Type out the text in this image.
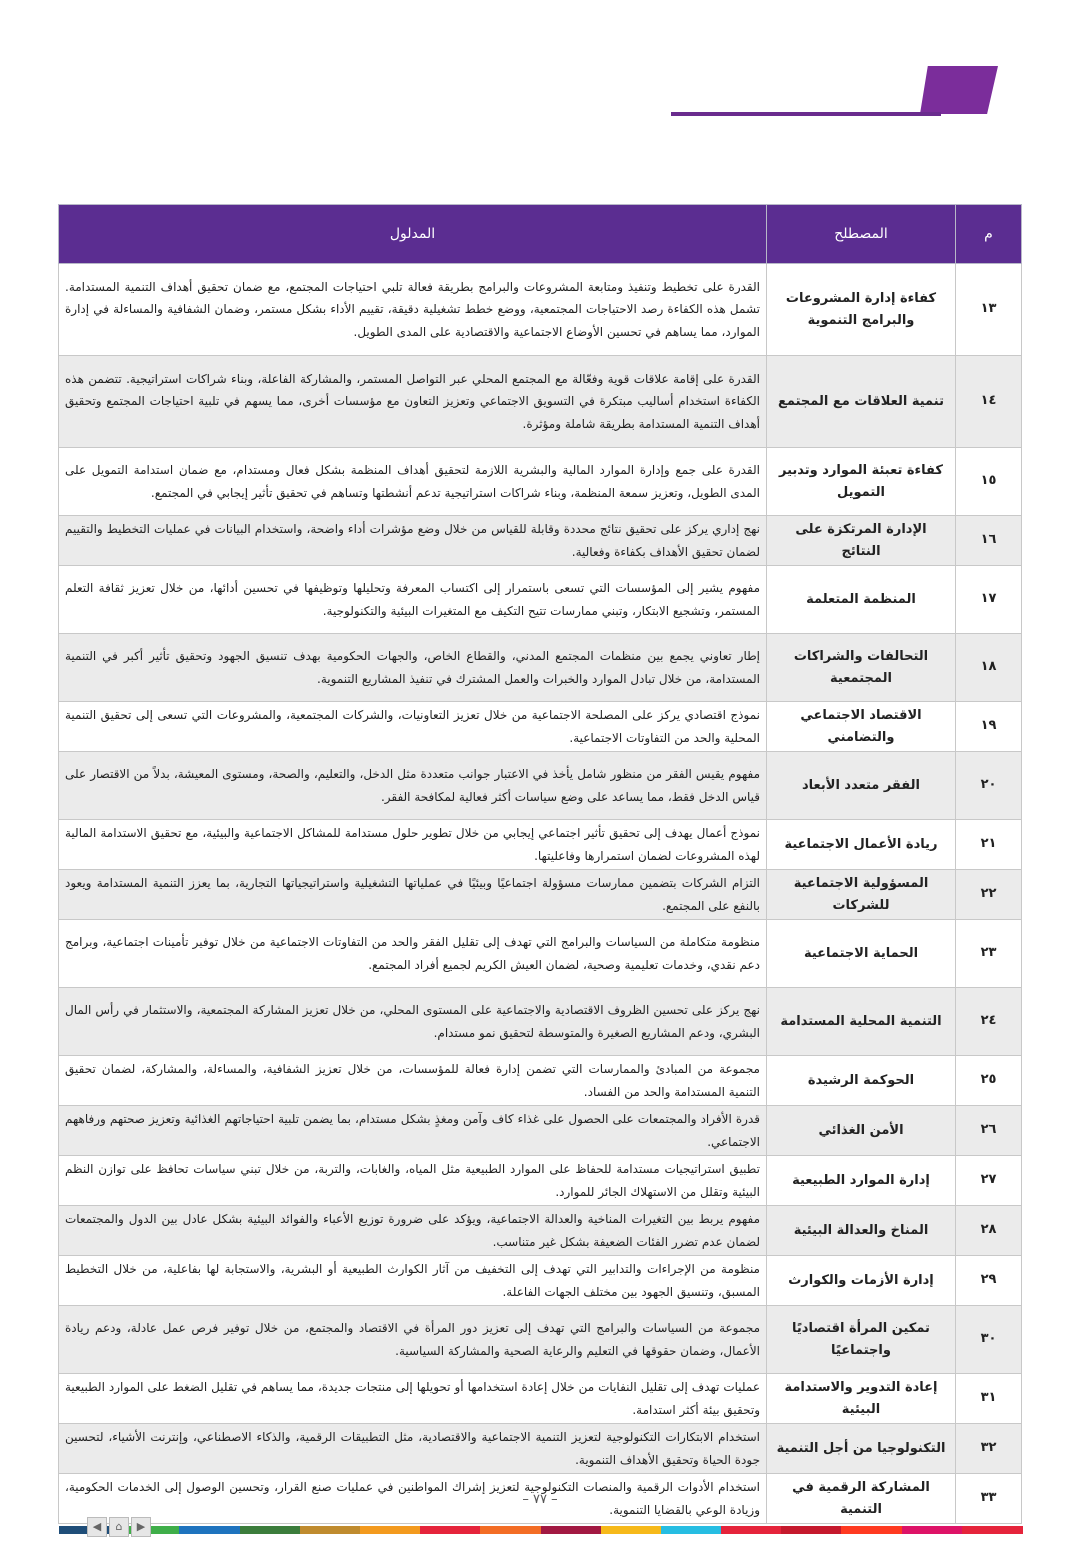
م	المصطلح	المدلول
١٣	كفاءة إدارة المشروعات والبرامج التنموية	القدرة على تخطيط وتنفيذ ومتابعة المشروعات والبرامج بطريقة فعالة تلبي احتياجات المجتمع، مع ضمان تحقيق أهداف التنمية المستدامة. تشمل هذه الكفاءة رصد الاحتياجات المجتمعية، ووضع خطط تشغيلية دقيقة، تقييم الأداء بشكل مستمر، وضمان الشفافية والمساءلة في إدارة الموارد، مما يساهم في تحسين الأوضاع الاجتماعية والاقتصادية على المدى الطويل.
١٤	تنمية العلاقات مع المجتمع	القدرة على إقامة علاقات قوية وفعّالة مع المجتمع المحلي عبر التواصل المستمر، والمشاركة الفاعلة، وبناء شراكات استراتيجية. تتضمن هذه الكفاءة استخدام أساليب مبتكرة في التسويق الاجتماعي وتعزيز التعاون مع مؤسسات أخرى، مما يسهم في تلبية احتياجات المجتمع وتحقيق أهداف التنمية المستدامة بطريقة شاملة ومؤثرة.
١٥	كفاءة تعبئة الموارد وتدبير التمويل	القدرة على جمع وإدارة الموارد المالية والبشرية اللازمة لتحقيق أهداف المنظمة بشكل فعال ومستدام، مع ضمان استدامة التمويل على المدى الطويل، وتعزيز سمعة المنظمة، وبناء شراكات استراتيجية تدعم أنشطتها وتساهم في تحقيق تأثير إيجابي في المجتمع.
١٦	الإدارة المرتكزة على النتائج	نهج إداري يركز على تحقيق نتائج محددة وقابلة للقياس من خلال وضع مؤشرات أداء واضحة، واستخدام البيانات في عمليات التخطيط والتقييم لضمان تحقيق الأهداف بكفاءة وفعالية.
١٧	المنظمة المتعلمة	مفهوم يشير إلى المؤسسات التي تسعى باستمرار إلى اكتساب المعرفة وتحليلها وتوظيفها في تحسين أدائها، من خلال تعزيز ثقافة التعلم المستمر، وتشجيع الابتكار، وتبني ممارسات تتيح التكيف مع المتغيرات البيئية والتكنولوجية.
١٨	التحالفات والشراكات المجتمعية	إطار تعاوني يجمع بين منظمات المجتمع المدني، والقطاع الخاص، والجهات الحكومية بهدف تنسيق الجهود وتحقيق تأثير أكبر في التنمية المستدامة، من خلال تبادل الموارد والخبرات والعمل المشترك في تنفيذ المشاريع التنموية.
١٩	الاقتصاد الاجتماعي والتضامني	نموذج اقتصادي يركز على المصلحة الاجتماعية من خلال تعزيز التعاونيات، والشركات المجتمعية، والمشروعات التي تسعى إلى تحقيق التنمية المحلية والحد من التفاوتات الاجتماعية.
٢٠	الفقر متعدد الأبعاد	مفهوم يقيس الفقر من منظور شامل يأخذ في الاعتبار جوانب متعددة مثل الدخل، والتعليم، والصحة، ومستوى المعيشة، بدلاً من الاقتصار على قياس الدخل فقط، مما يساعد على وضع سياسات أكثر فعالية لمكافحة الفقر.
٢١	ريادة الأعمال الاجتماعية	نموذج أعمال يهدف إلى تحقيق تأثير اجتماعي إيجابي من خلال تطوير حلول مستدامة للمشاكل الاجتماعية والبيئية، مع تحقيق الاستدامة المالية لهذه المشروعات لضمان استمرارها وفاعليتها.
٢٢	المسؤولية الاجتماعية للشركات	التزام الشركات بتضمين ممارسات مسؤولة اجتماعيًا وبيئيًا في عملياتها التشغيلية واستراتيجياتها التجارية، بما يعزز التنمية المستدامة ويعود بالنفع على المجتمع.
٢٣	الحماية الاجتماعية	منظومة متكاملة من السياسات والبرامج التي تهدف إلى تقليل الفقر والحد من التفاوتات الاجتماعية من خلال توفير تأمينات اجتماعية، وبرامج دعم نقدي، وخدمات تعليمية وصحية، لضمان العيش الكريم لجميع أفراد المجتمع.
٢٤	التنمية المحلية المستدامة	نهج يركز على تحسين الظروف الاقتصادية والاجتماعية على المستوى المحلي، من خلال تعزيز المشاركة المجتمعية، والاستثمار في رأس المال البشري، ودعم المشاريع الصغيرة والمتوسطة لتحقيق نمو مستدام.
٢٥	الحوكمة الرشيدة	مجموعة من المبادئ والممارسات التي تضمن إدارة فعالة للمؤسسات، من خلال تعزيز الشفافية، والمساءلة، والمشاركة، لضمان تحقيق التنمية المستدامة والحد من الفساد.
٢٦	الأمن الغذائي	قدرة الأفراد والمجتمعات على الحصول على غذاء كاف وآمن ومغذٍ بشكل مستدام، بما يضمن تلبية احتياجاتهم الغذائية وتعزيز صحتهم ورفاههم الاجتماعي.
٢٧	إدارة الموارد الطبيعية	تطبيق استراتيجيات مستدامة للحفاظ على الموارد الطبيعية مثل المياه، والغابات، والتربة، من خلال تبني سياسات تحافظ على توازن النظم البيئية وتقلل من الاستهلاك الجائر للموارد.
٢٨	المناخ والعدالة البيئية	مفهوم يربط بين التغيرات المناخية والعدالة الاجتماعية، ويؤكد على ضرورة توزيع الأعباء والفوائد البيئية بشكل عادل بين الدول والمجتمعات لضمان عدم تضرر الفئات الضعيفة بشكل غير متناسب.
٢٩	إدارة الأزمات والكوارث	منظومة من الإجراءات والتدابير التي تهدف إلى التخفيف من آثار الكوارث الطبيعية أو البشرية، والاستجابة لها بفاعلية، من خلال التخطيط المسبق، وتنسيق الجهود بين مختلف الجهات الفاعلة.
٣٠	تمكين المرأة اقتصاديًا واجتماعيًا	مجموعة من السياسات والبرامج التي تهدف إلى تعزيز دور المرأة في الاقتصاد والمجتمع، من خلال توفير فرص عمل عادلة، ودعم ريادة الأعمال، وضمان حقوقها في التعليم والرعاية الصحية والمشاركة السياسية.
٣١	إعادة التدوير والاستدامة البيئية	عمليات تهدف إلى تقليل النفايات من خلال إعادة استخدامها أو تحويلها إلى منتجات جديدة، مما يساهم في تقليل الضغط على الموارد الطبيعية وتحقيق بيئة أكثر استدامة.
٣٢	التكنولوجيا من أجل التنمية	استخدام الابتكارات التكنولوجية لتعزيز التنمية الاجتماعية والاقتصادية، مثل التطبيقات الرقمية، والذكاء الاصطناعي، وإنترنت الأشياء، لتحسين جودة الحياة وتحقيق الأهداف التنموية.
٣٣	المشاركة الرقمية في التنمية	استخدام الأدوات الرقمية والمنصات التكنولوجية لتعزيز إشراك المواطنين في عمليات صنع القرار، وتحسين الوصول إلى الخدمات الحكومية، وزيادة الوعي بالقضايا التنموية.
– ٧٧ –
◀	⌂	▶
